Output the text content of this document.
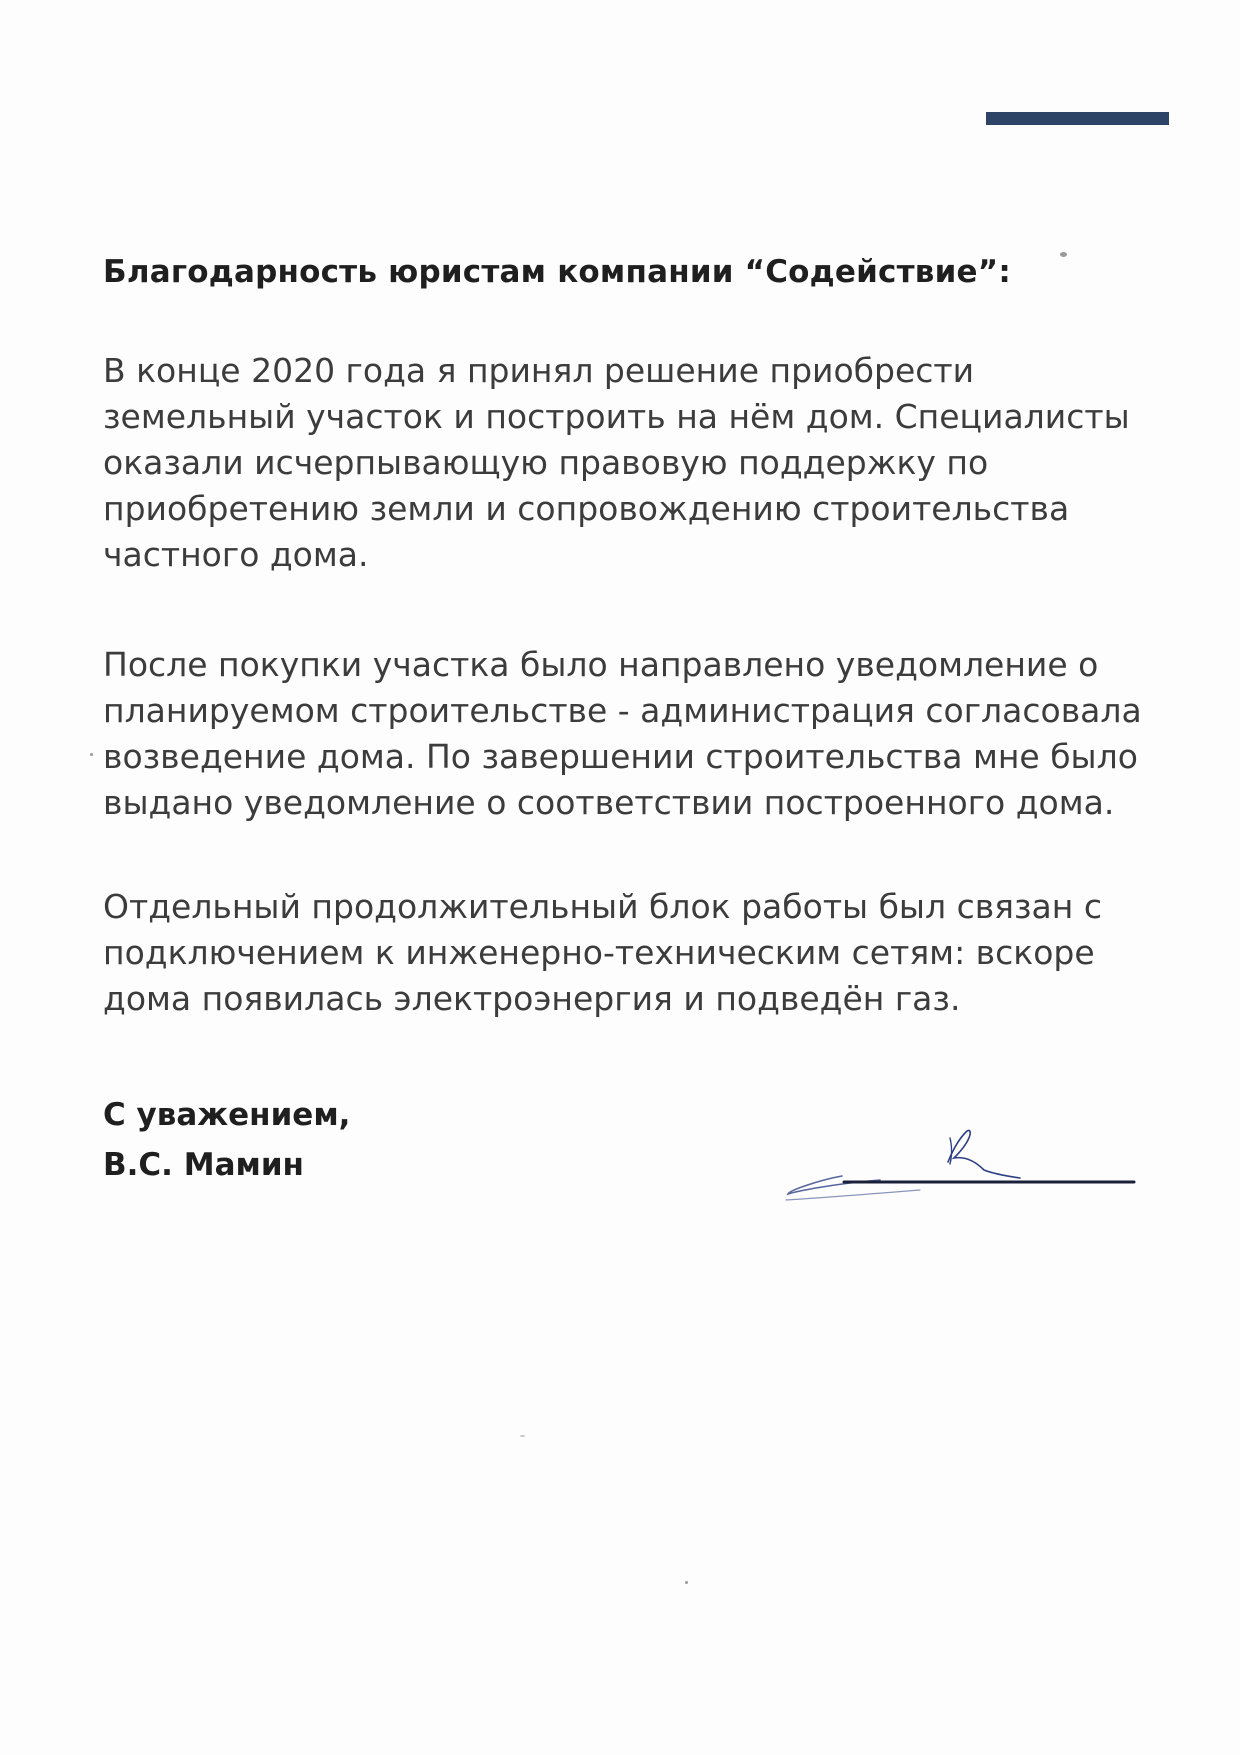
Благодарность юристам компании “Содействие”:

В конце 2020 года я принял решение приобрести
земельный участок и построить на нём дом. Специалисты
оказали исчерпывающую правовую поддержку по
приобретению земли и сопровождению строительства
частного дома.

После покупки участка было направлено уведомление о
планируемом строительстве - администрация согласовала
возведение дома. По завершении строительства мне было
выдано уведомление о соответствии построенного дома.

Отдельный продолжительный блок работы был связан с
подключением к инженерно-техническим сетям: вскоре
дома появилась электроэнергия и подведён газ.

С уважением,
В.С. Мамин
